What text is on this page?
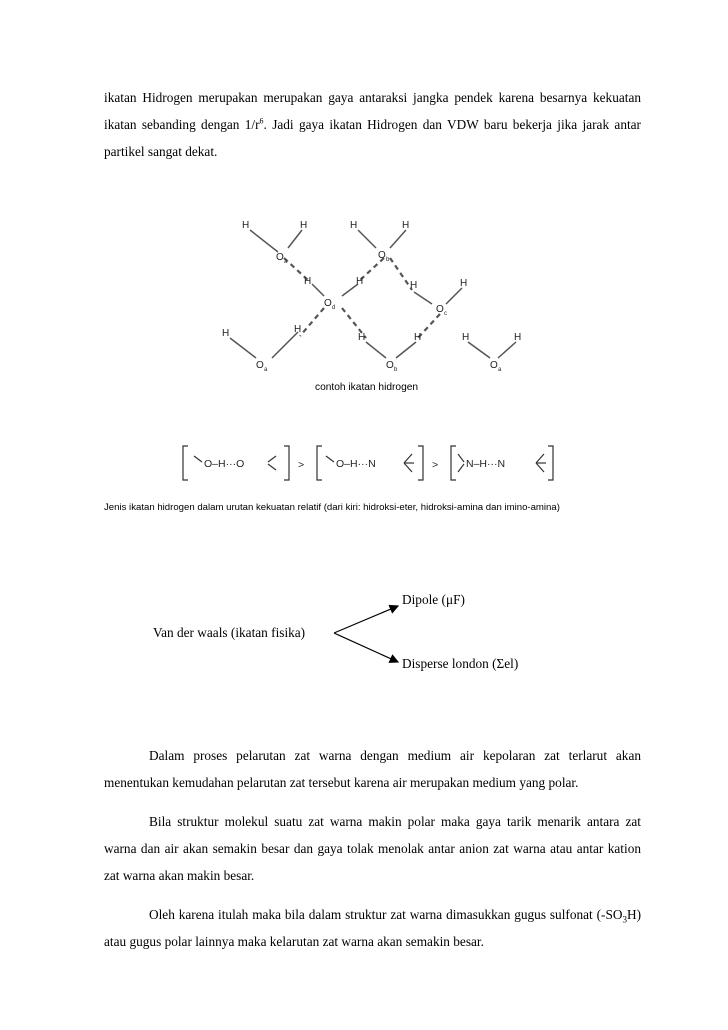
ikatan Hidrogen merupakan merupakan gaya antaraksi jangka pendek karena besarnya kekuatan ikatan sebanding dengan $1/r^6$. Jadi gaya ikatan Hidrogen dan VDW baru bekerja jika jarak antar partikel sangat dekat.
H	H	H	H
O a
O b
H	H	H	H
O d	O c
H	H
H	H	H	H
O a	O b	O a
contoh ikatan hidrogen
O–H···O	>	O–H···N	>	N–H···N
Jenis ikatan hidrogen dalam urutan kekuatan relatif (dari kiri: hidroksi-eter, hidroksi-amina dan imino-amina)
Dipole (μF)
Van der waals (ikatan fisika)
Disperse london (Σel)

Dalam proses pelarutan zat warna dengan medium air kepolaran zat terlarut akan menentukan kemudahan pelarutan zat tersebut karena air merupakan medium yang polar.

Bila struktur molekul suatu zat warna makin polar maka gaya tarik menarik antara zat warna dan air akan semakin besar dan gaya tolak menolak antar anion zat warna atau antar kation zat warna akan makin besar.

Oleh karena itulah maka bila dalam struktur zat warna dimasukkan gugus sulfonat $(-SO_3H)$ atau gugus polar lainnya maka kelarutan zat warna akan semakin besar.
